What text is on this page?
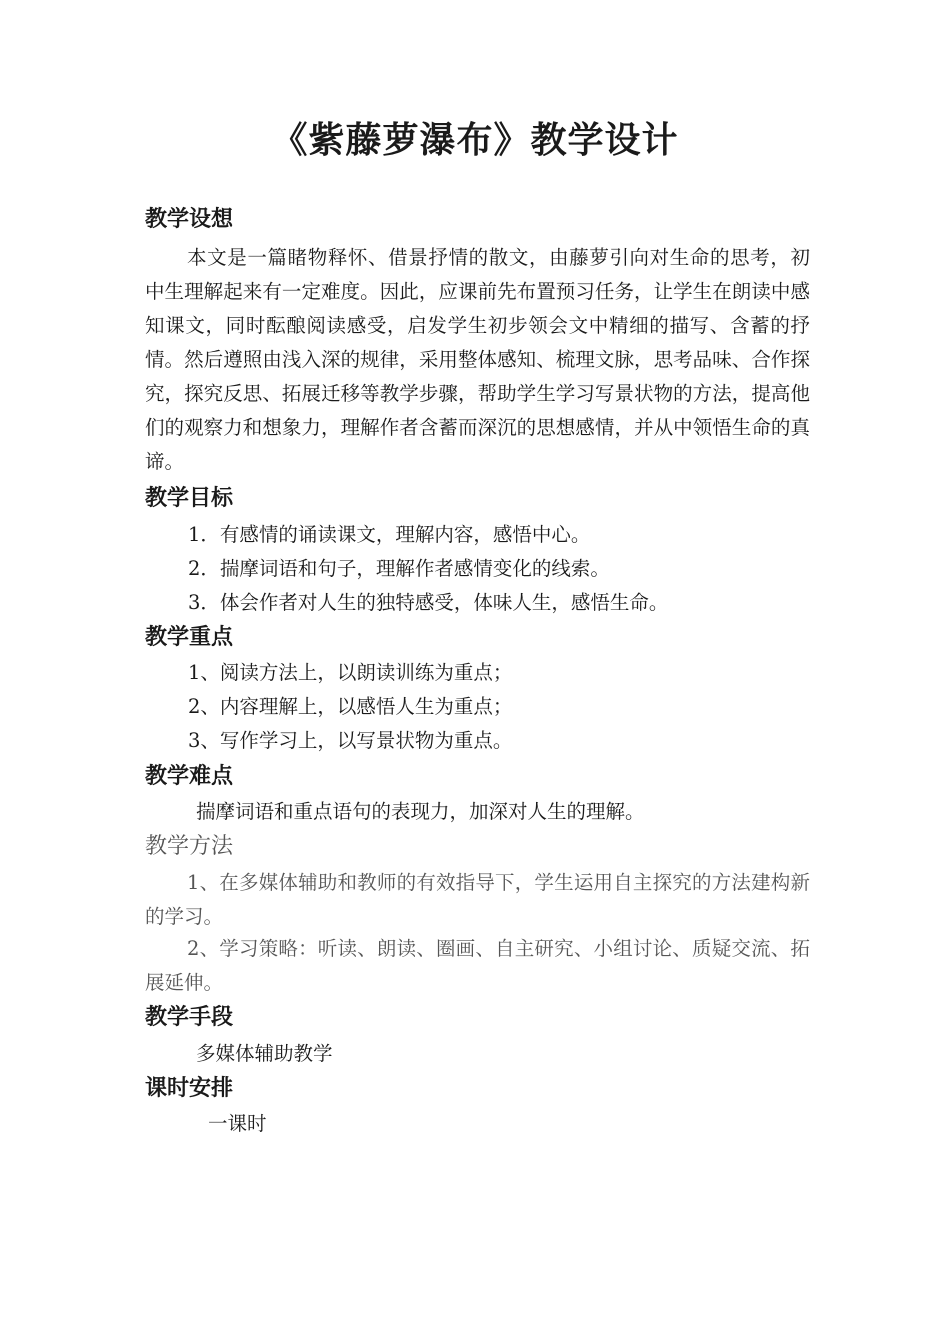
《紫藤萝瀑布》教学设计
教学设想
本文是一篇睹物释怀、借景抒情的散文，由藤萝引向对生命的思考，初中生理解起来有一定难度。因此，应课前先布置预习任务，让学生在朗读中感知课文，同时酝酿阅读感受，启发学生初步领会文中精细的描写、含蓄的抒情。然后遵照由浅入深的规律，采用整体感知、梳理文脉，思考品味、合作探究，探究反思、拓展迁移等教学步骤，帮助学生学习写景状物的方法，提高他们的观察力和想象力，理解作者含蓄而深沉的思想感情，并从中领悟生命的真谛。
教学目标
1．有感情的诵读课文，理解内容，感悟中心。
2．揣摩词语和句子，理解作者感情变化的线索。
3．体会作者对人生的独特感受，体味人生，感悟生命。
教学重点
1、阅读方法上，以朗读训练为重点；
2、内容理解上，以感悟人生为重点；
3、写作学习上，以写景状物为重点。
教学难点
揣摩词语和重点语句的表现力，加深对人生的理解。
教学方法
1、在多媒体辅助和教师的有效指导下，学生运用自主探究的方法建构新的学习。
2、学习策略：听读、朗读、圈画、自主研究、小组讨论、质疑交流、拓展延伸。
教学手段
多媒体辅助教学
课时安排
一课时
